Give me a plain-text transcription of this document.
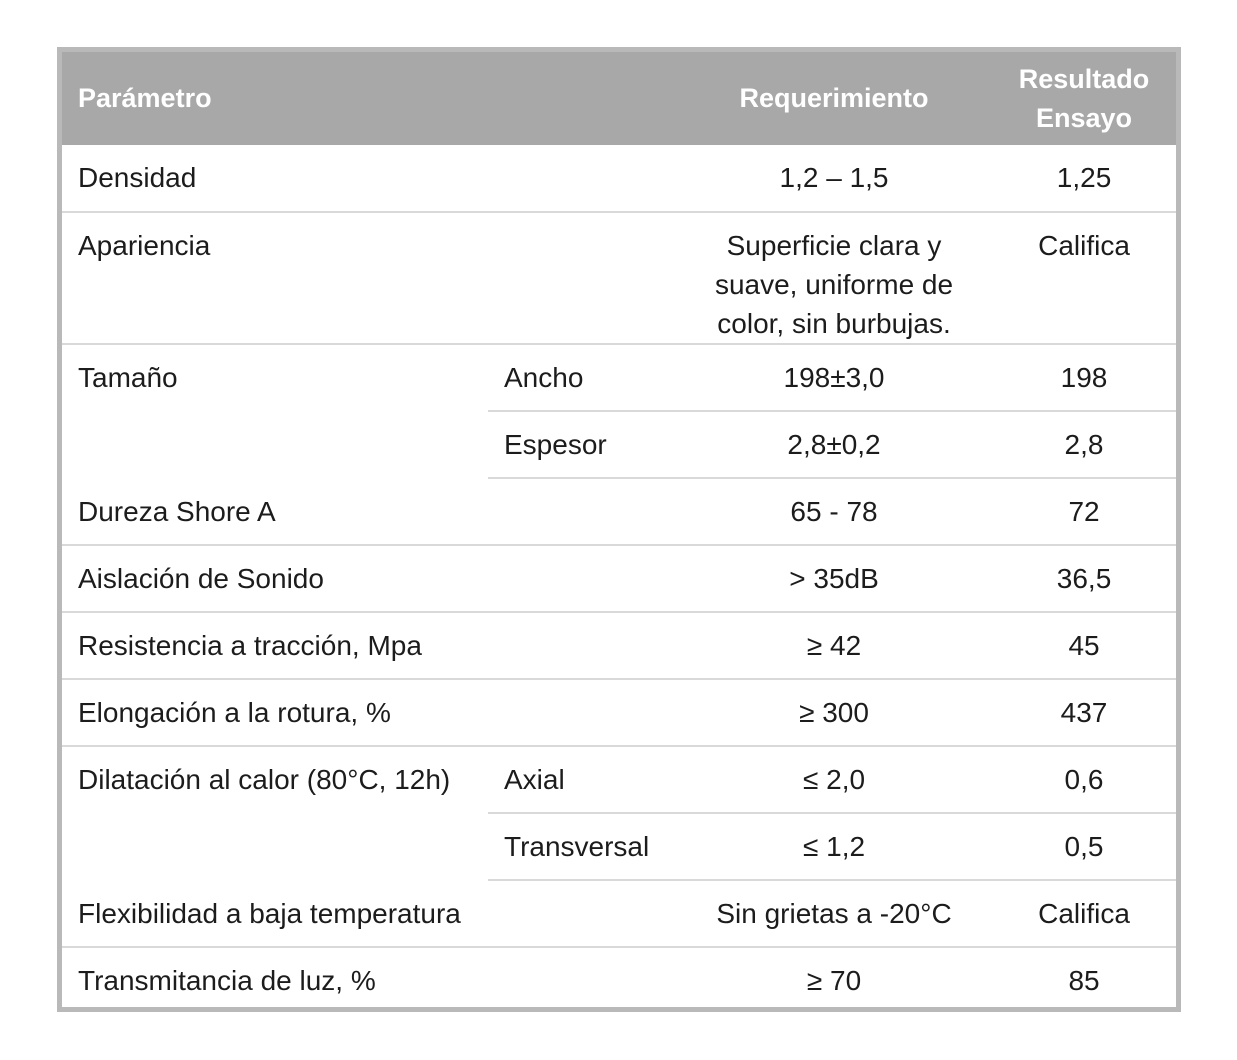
Parámetro		Requerimiento	Resultado
Ensayo

Densidad		1,2 – 1,5	1,25
Apariencia		Superficie clara y
suave, uniforme de
color, sin burbujas.	Califica
Tamaño	Ancho	198±3,0	198
	Espesor	2,8±0,2	2,8
Dureza Shore A		65 - 78	72
Aislación de Sonido		> 35dB	36,5
Resistencia a tracción, Mpa		≥ 42	45
Elongación a la rotura, %		≥ 300	437
Dilatación al calor (80°C, 12h)	Axial	≤ 2,0	0,6
	Transversal	≤ 1,2	0,5
Flexibilidad a baja temperatura		Sin grietas a -20°C	Califica
Transmitancia de luz, %		≥ 70	85
